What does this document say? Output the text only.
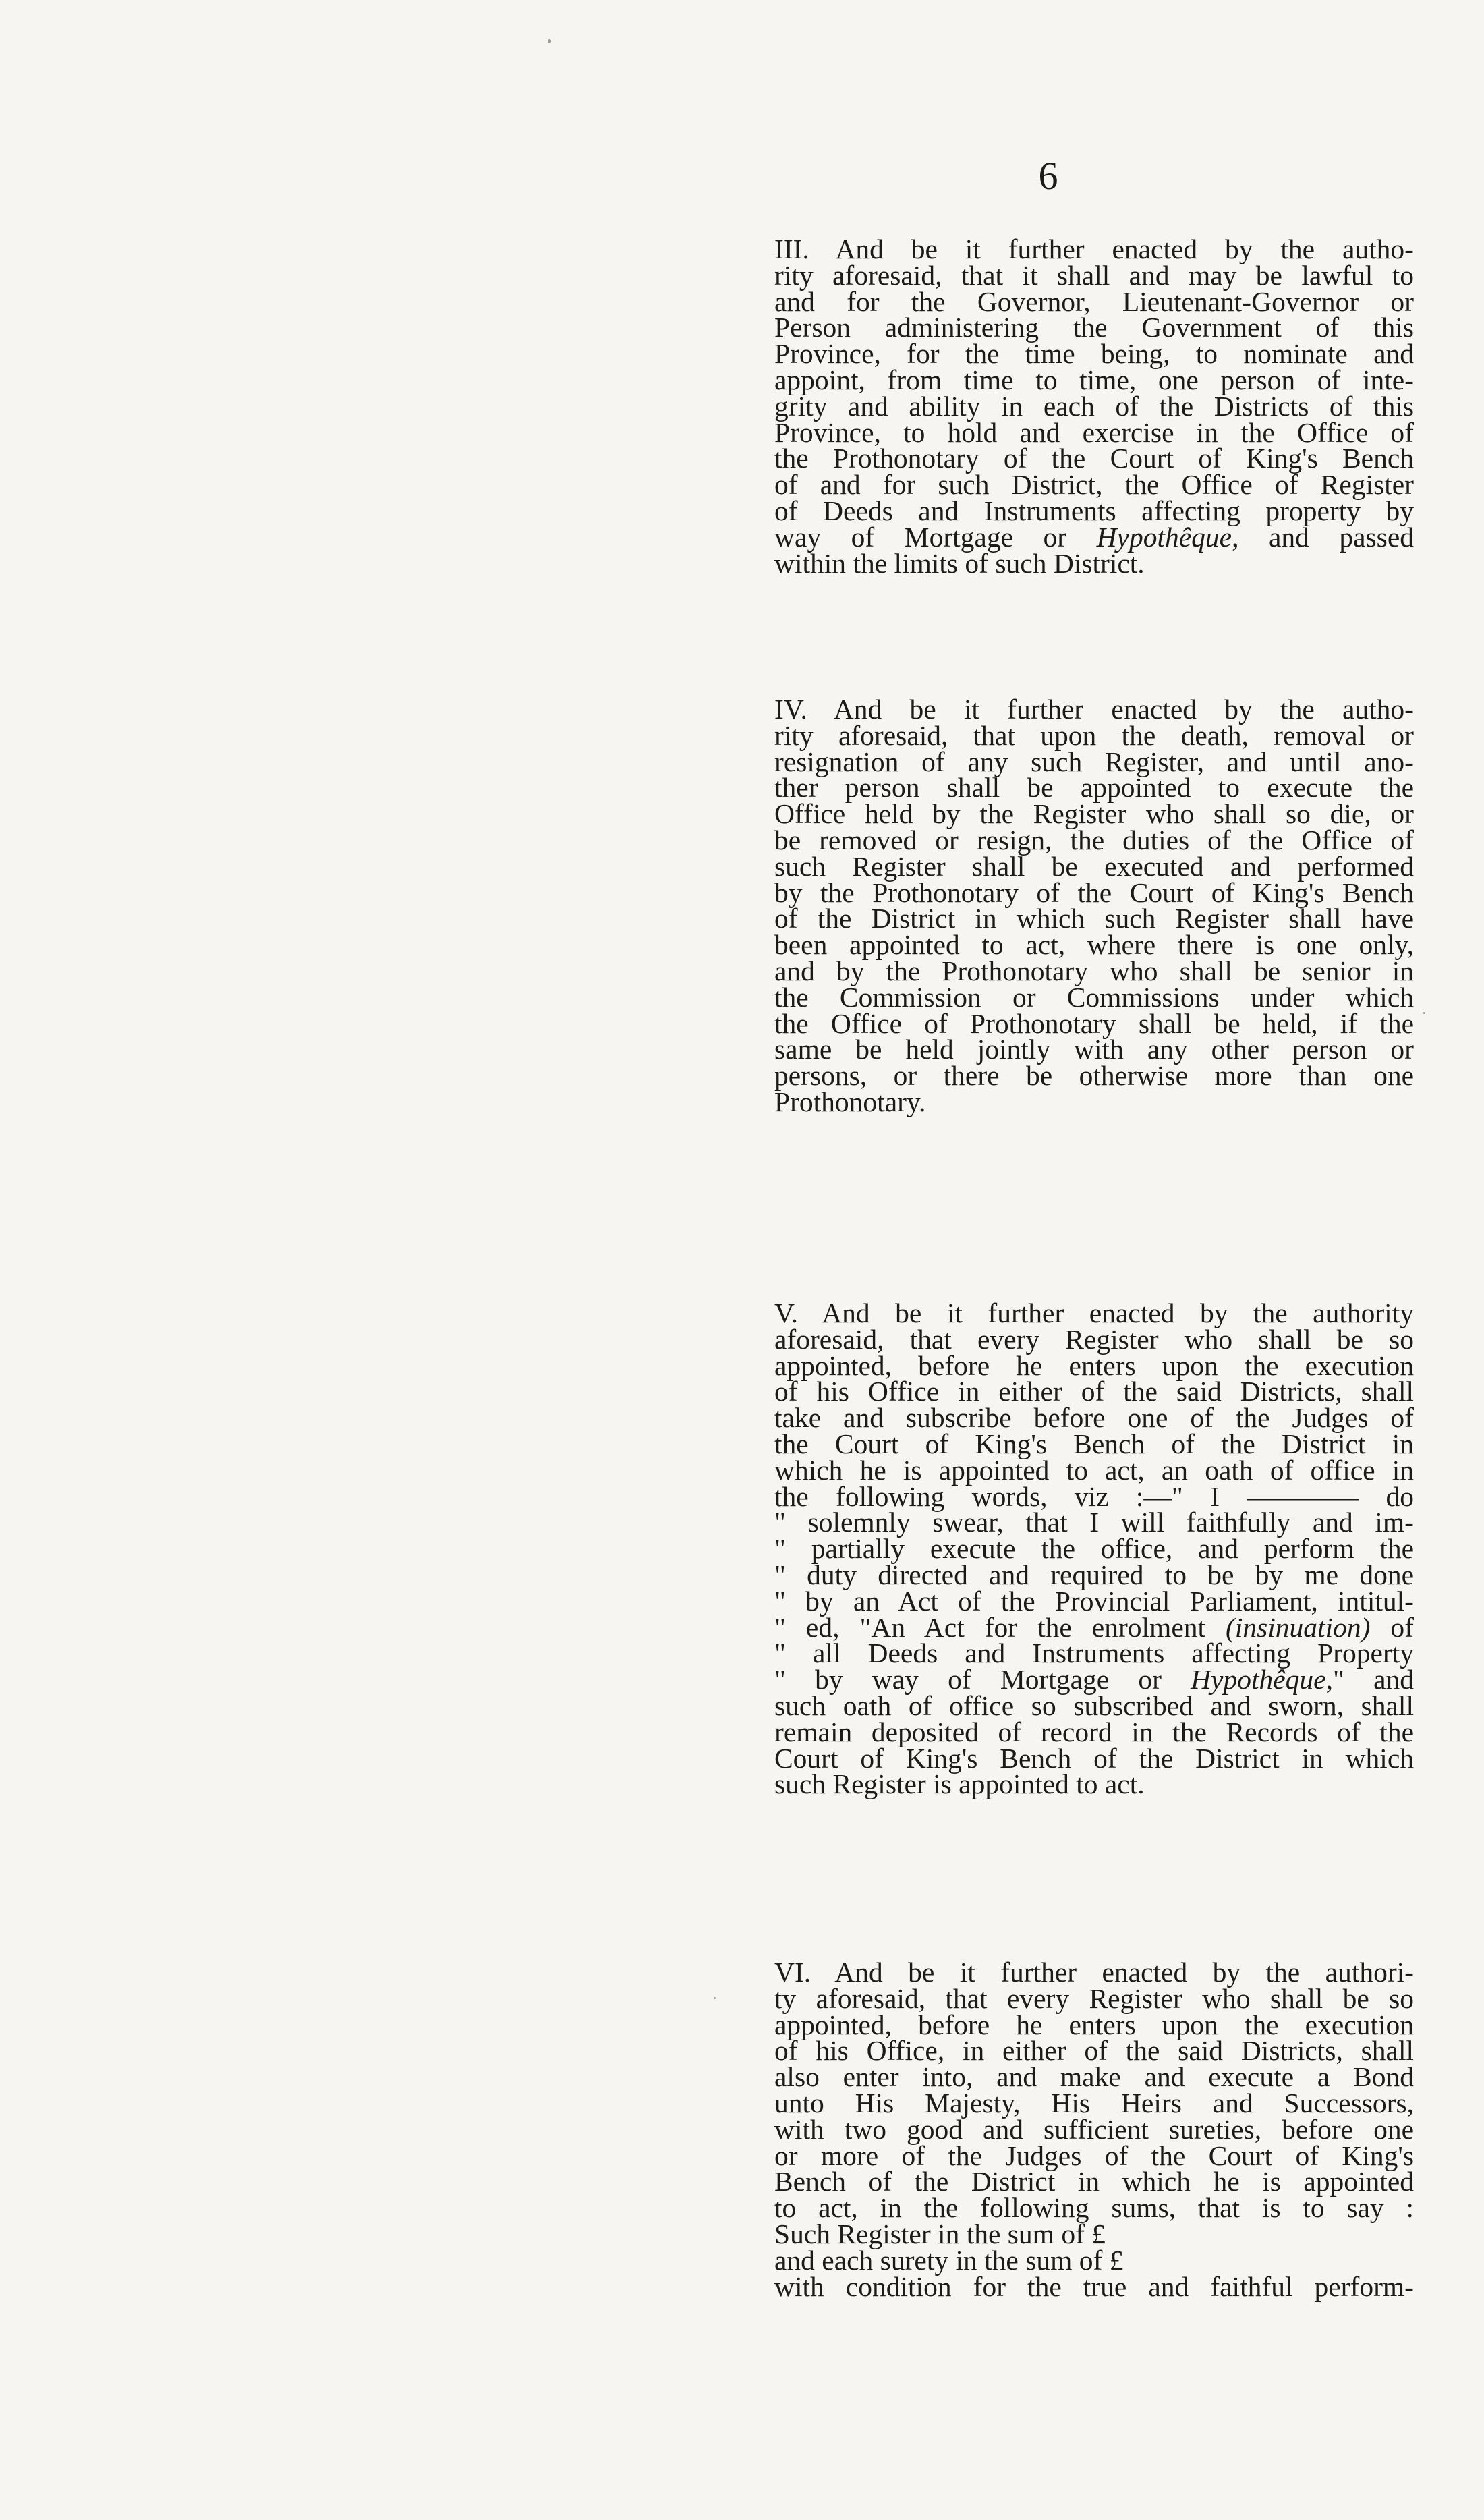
6

III. And be it further enacted by the autho-
rity aforesaid, that it shall and may be lawful to
and for the Governor, Lieutenant-Governor or
Person administering the Government of this
Province, for the time being, to nominate and
appoint, from time to time, one person of inte-
grity and ability in each of the Districts of this
Province, to hold and exercise in the Office of
the Prothonotary of the Court of King's Bench
of and for such District, the Office of Register
of Deeds and Instruments affecting property by
way of Mortgage or Hypothêque, and passed
within the limits of such District.

IV. And be it further enacted by the autho-
rity aforesaid, that upon the death, removal or
resignation of any such Register, and until ano-
ther person shall be appointed to execute the
Office held by the Register who shall so die, or
be removed or resign, the duties of the Office of
such Register shall be executed and performed
by the Prothonotary of the Court of King's Bench
of the District in which such Register shall have
been appointed to act, where there is one only,
and by the Prothonotary who shall be senior in
the Commission or Commissions under which
the Office of Prothonotary shall be held, if the
same be held jointly with any other person or
persons, or there be otherwise more than one
Prothonotary.

V. And be it further enacted by the authority
aforesaid, that every Register who shall be so
appointed, before he enters upon the execution
of his Office in either of the said Districts, shall
take and subscribe before one of the Judges of
the Court of King's Bench of the District in
which he is appointed to act, an oath of office in
the following words, viz :—" I ———— do
" solemnly swear, that I will faithfully and im-
" partially execute the office, and perform the
" duty directed and required to be by me done
" by an Act of the Provincial Parliament, intitul-
" ed, "An Act for the enrolment (insinuation) of
" all Deeds and Instruments affecting Property
" by way of Mortgage or Hypothêque," and
such oath of office so subscribed and sworn, shall
remain deposited of record in the Records of the
Court of King's Bench of the District in which
such Register is appointed to act.

VI. And be it further enacted by the authori-
ty aforesaid, that every Register who shall be so
appointed, before he enters upon the execution
of his Office, in either of the said Districts, shall
also enter into, and make and execute a Bond
unto His Majesty, His Heirs and Successors,
with two good and sufficient sureties, before one
or more of the Judges of the Court of King's
Bench of the District in which he is appointed
to act, in the following sums, that is to say :
Such Register in the sum of £
and each surety in the sum of £
with condition for the true and faithful perform-
